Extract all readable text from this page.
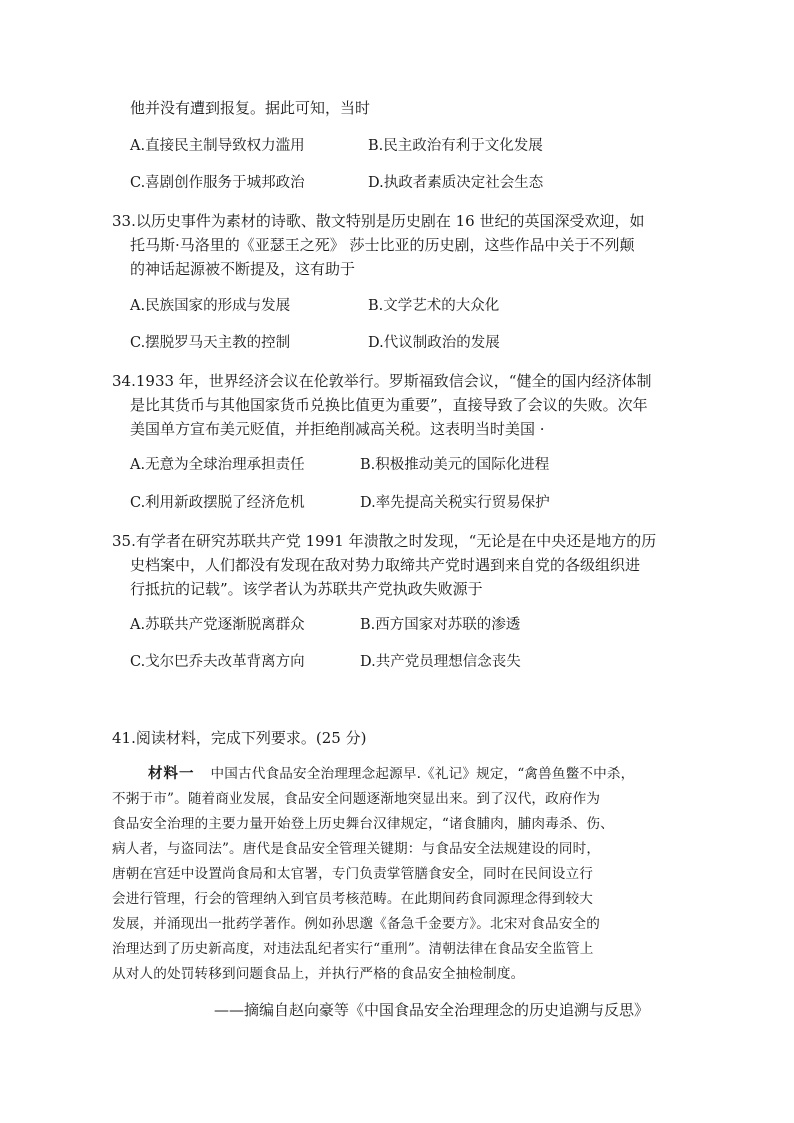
他并没有遭到报复。据此可知，当时
A.直接民主制导致权力滥用	B.民主政治有利于文化发展
C.喜剧创作服务于城邦政治	D.执政者素质决定社会生态
33.以历史事件为素材的诗歌、散文特别是历史剧在 16 世纪的英国深受欢迎，如
托马斯·马洛里的《亚瑟王之死》 莎士比亚的历史剧，这些作品中关于不列颠
的神话起源被不断提及，这有助于
A.民族国家的形成与发展	B.文学艺术的大众化
C.摆脱罗马天主教的控制	D.代议制政治的发展
34.1933 年，世界经济会议在伦敦举行。罗斯福致信会议，“健全的国内经济体制
是比其货币与其他国家货币兑换比值更为重要”，直接导致了会议的失败。次年
美国单方宣布美元贬值，并拒绝削减高关税。这表明当时美国 ·
A.无意为全球治理承担责任	B.积极推动美元的国际化进程
C.利用新政摆脱了经济危机	D.率先提高关税实行贸易保护
35.有学者在研究苏联共产党 1991 年溃散之时发现，“无论是在中央还是地方的历
史档案中，人们都没有发现在敌对势力取缔共产党时遇到来自党的各级组织进
行抵抗的记载”。该学者认为苏联共产党执政失败源于
A.苏联共产党逐渐脱离群众	B.西方国家对苏联的渗透
C.戈尔巴乔夫改革背离方向	D.共产党员理想信念丧失
41.阅读材料，完成下列要求。(25 分)
材料一 中国古代食品安全治理理念起源早.《礼记》规定，“禽兽鱼鳖不中杀，
不粥于市”。随着商业发展，食品安全问题逐渐地突显出来。到了汉代，政府作为
食品安全治理的主要力量开始登上历史舞台汉律规定，“诸食脯肉，脯肉毒杀、伤、
病人者，与盗同法”。唐代是食品安全管理关键期：与食品安全法规建设的同时，
唐朝在宫廷中设置尚食局和太官署，专门负责掌管膳食安全，同时在民间设立行
会进行管理，行会的管理纳入到官员考核范畴。在此期间药食同源理念得到较大
发展，并涌现出一批药学著作。例如孙思邈《备急千金要方》。北宋对食品安全的
治理达到了历史新高度，对违法乱纪者实行“重刑”。清朝法律在食品安全监管上
从对人的处罚转移到问题食品上，并执行严格的食品安全抽检制度。
——摘编自赵向豪等《中国食品安全治理理念的历史追溯与反思》
